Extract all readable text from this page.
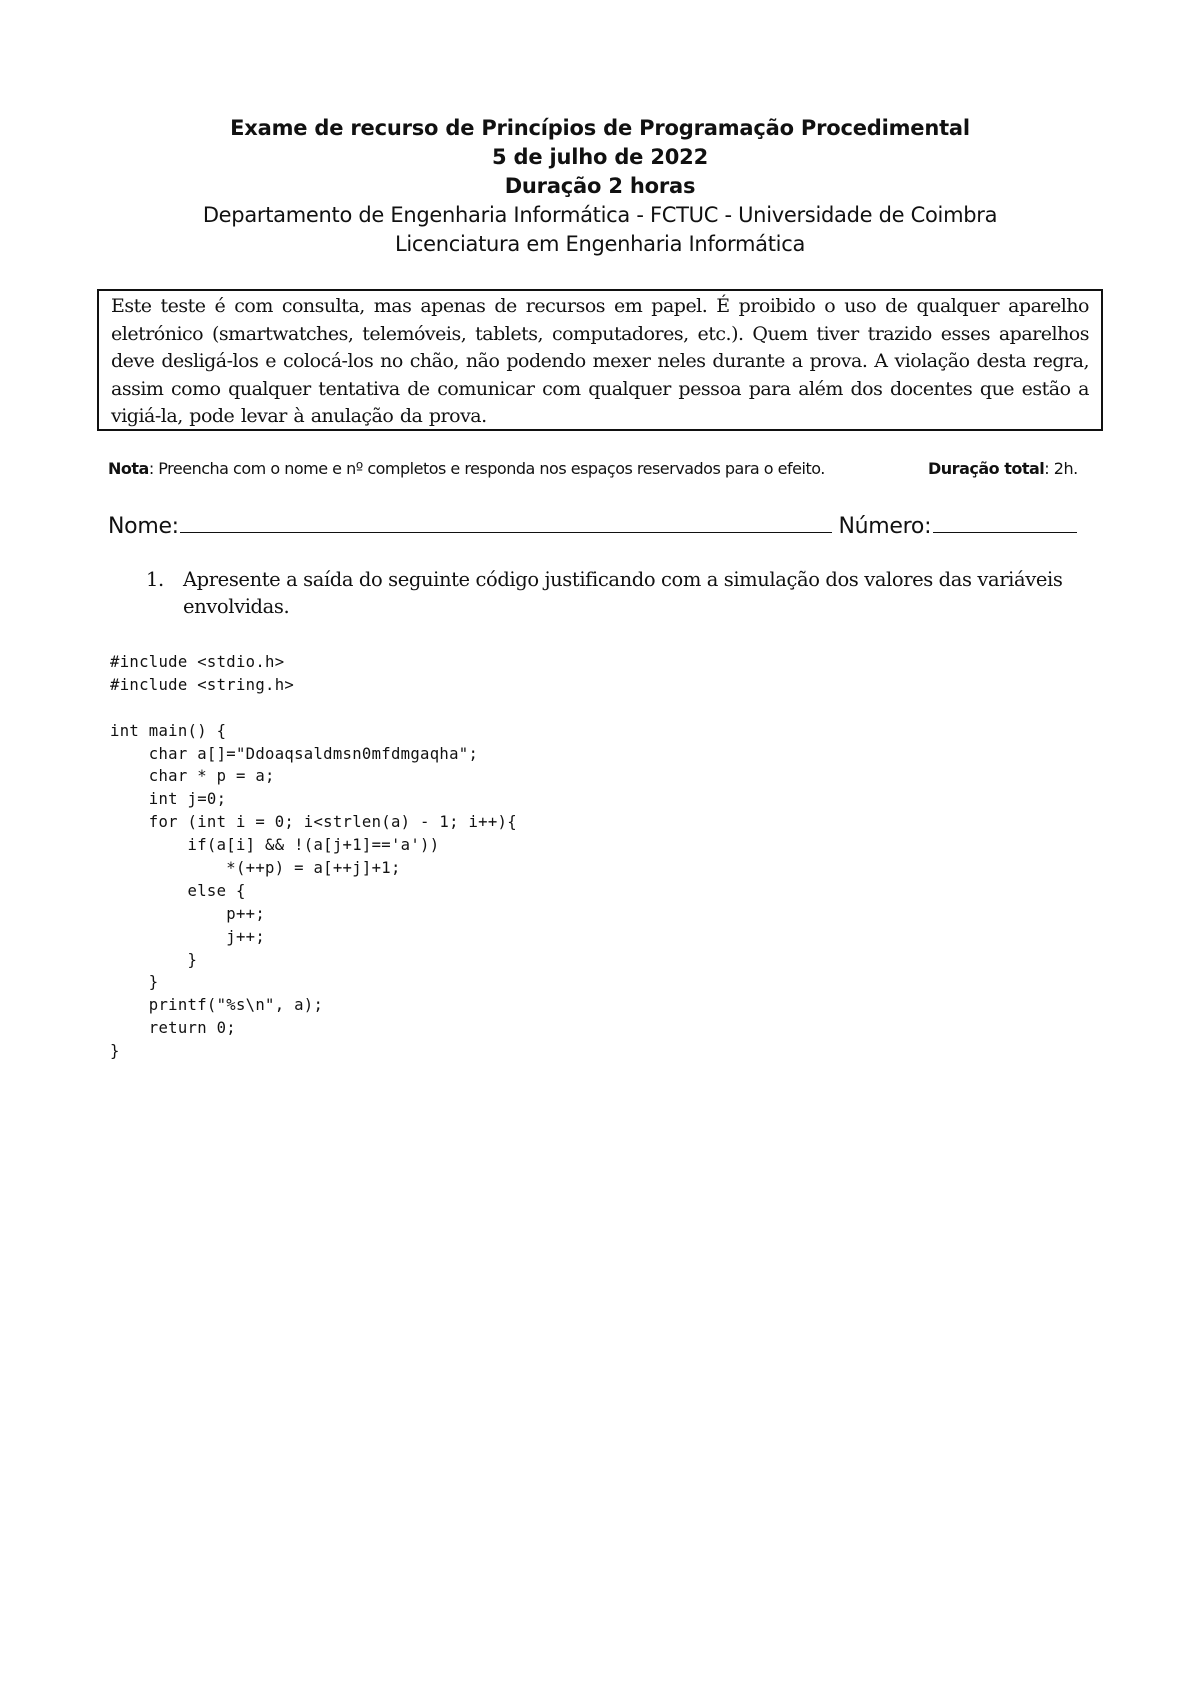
Exame de recurso de Princípios de Programação Procedimental
5 de julho de 2022
Duração 2 horas
Departamento de Engenharia Informática - FCTUC - Universidade de Coimbra
Licenciatura em Engenharia Informática
Este teste é com consulta, mas apenas de recursos em papel. É proibido o uso de qualquer aparelho eletrónico (smartwatches, telemóveis, tablets, computadores, etc.). Quem tiver trazido esses aparelhos deve desligá-los e colocá-los no chão, não podendo mexer neles durante a prova. A violação desta regra, assim como qualquer tentativa de comunicar com qualquer pessoa para além dos docentes que estão a vigiá-la, pode levar à anulação da prova.
Nota: Preencha com o nome e nº completos e responda nos espaços reservados para o efeito.	Duração total: 2h.
Nome:	Número:
1. Apresente a saída do seguinte código justificando com a simulação dos valores das variáveis envolvidas.
#include <stdio.h>
#include <string.h>
int main() {
char a[]="Ddoaqsaldmsn0mfdmgaqha";
char * p = a;
int j=0;
for (int i = 0; i<strlen(a) - 1; i++){
if(a[i] && !(a[j+1]=='a'))
*(++p) = a[++j]+1;
else {
p++;
j++;
}
}
printf("%s\n", a);
return 0;
}
